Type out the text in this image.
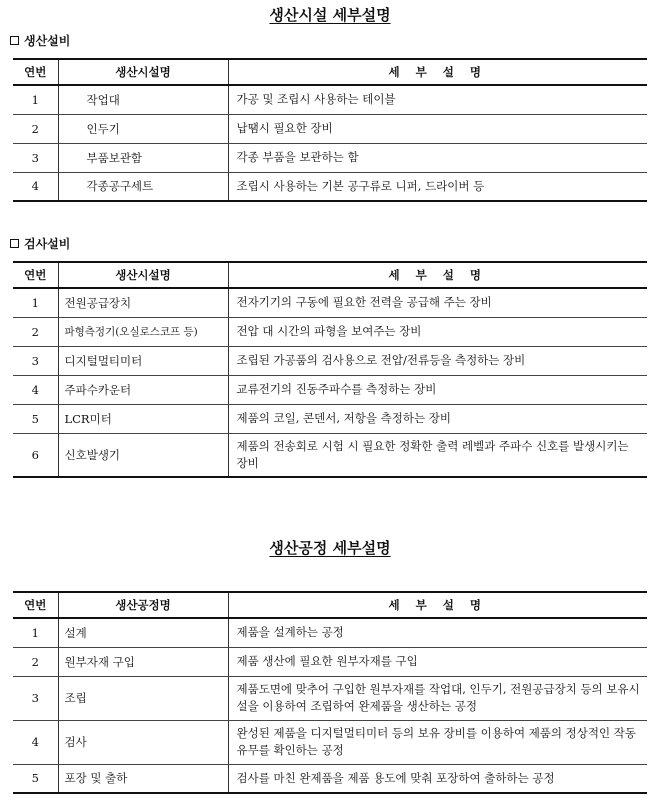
생산시설 세부설명
생산설비
연번	생산시설명	세 부 설 명
1	작업대	가공 및 조립시 사용하는 테이블
2	인두기	납땜시 필요한 장비
3	부품보관함	각종 부품을 보관하는 함
4	각종공구세트	조립시 사용하는 기본 공구류로 니퍼, 드라이버 등
검사설비
연번	생산시설명	세 부 설 명
1	전원공급장치	전자기기의 구동에 필요한 전력을 공급해 주는 장비
2	파형측정기(오실로스코프 등)	전압 대 시간의 파형을 보여주는 장비
3	디지털멀티미터	조립된 가공품의 검사용으로 전압/전류등을 측정하는 장비
4	주파수카운터	교류전기의 진동주파수를 측정하는 장비
5	LCR미터	제품의 코일, 콘덴서, 저항을 측정하는 장비
6	신호발생기	제품의 전송회로 시험 시 필요한 정확한 출력 레벨과 주파수 신호를 발생시키는 장비
생산공정 세부설명
연번	생산공정명	세 부 설 명
1	설계	제품을 설계하는 공정
2	원부자재 구입	제품 생산에 필요한 원부자재를 구입
3	조립	제품도면에 맞추어 구입한 원부자재를 작업대, 인두기, 전원공급장치 등의 보유시설을 이용하여 조립하여 완제품을 생산하는 공정
4	검사	완성된 제품을 디지털멀티미터 등의 보유 장비를 이용하여 제품의 정상적인 작동 유무를 확인하는 공정
5	포장 및 출하	검사를 마친 완제품을 제품 용도에 맞춰 포장하여 출하하는 공정
